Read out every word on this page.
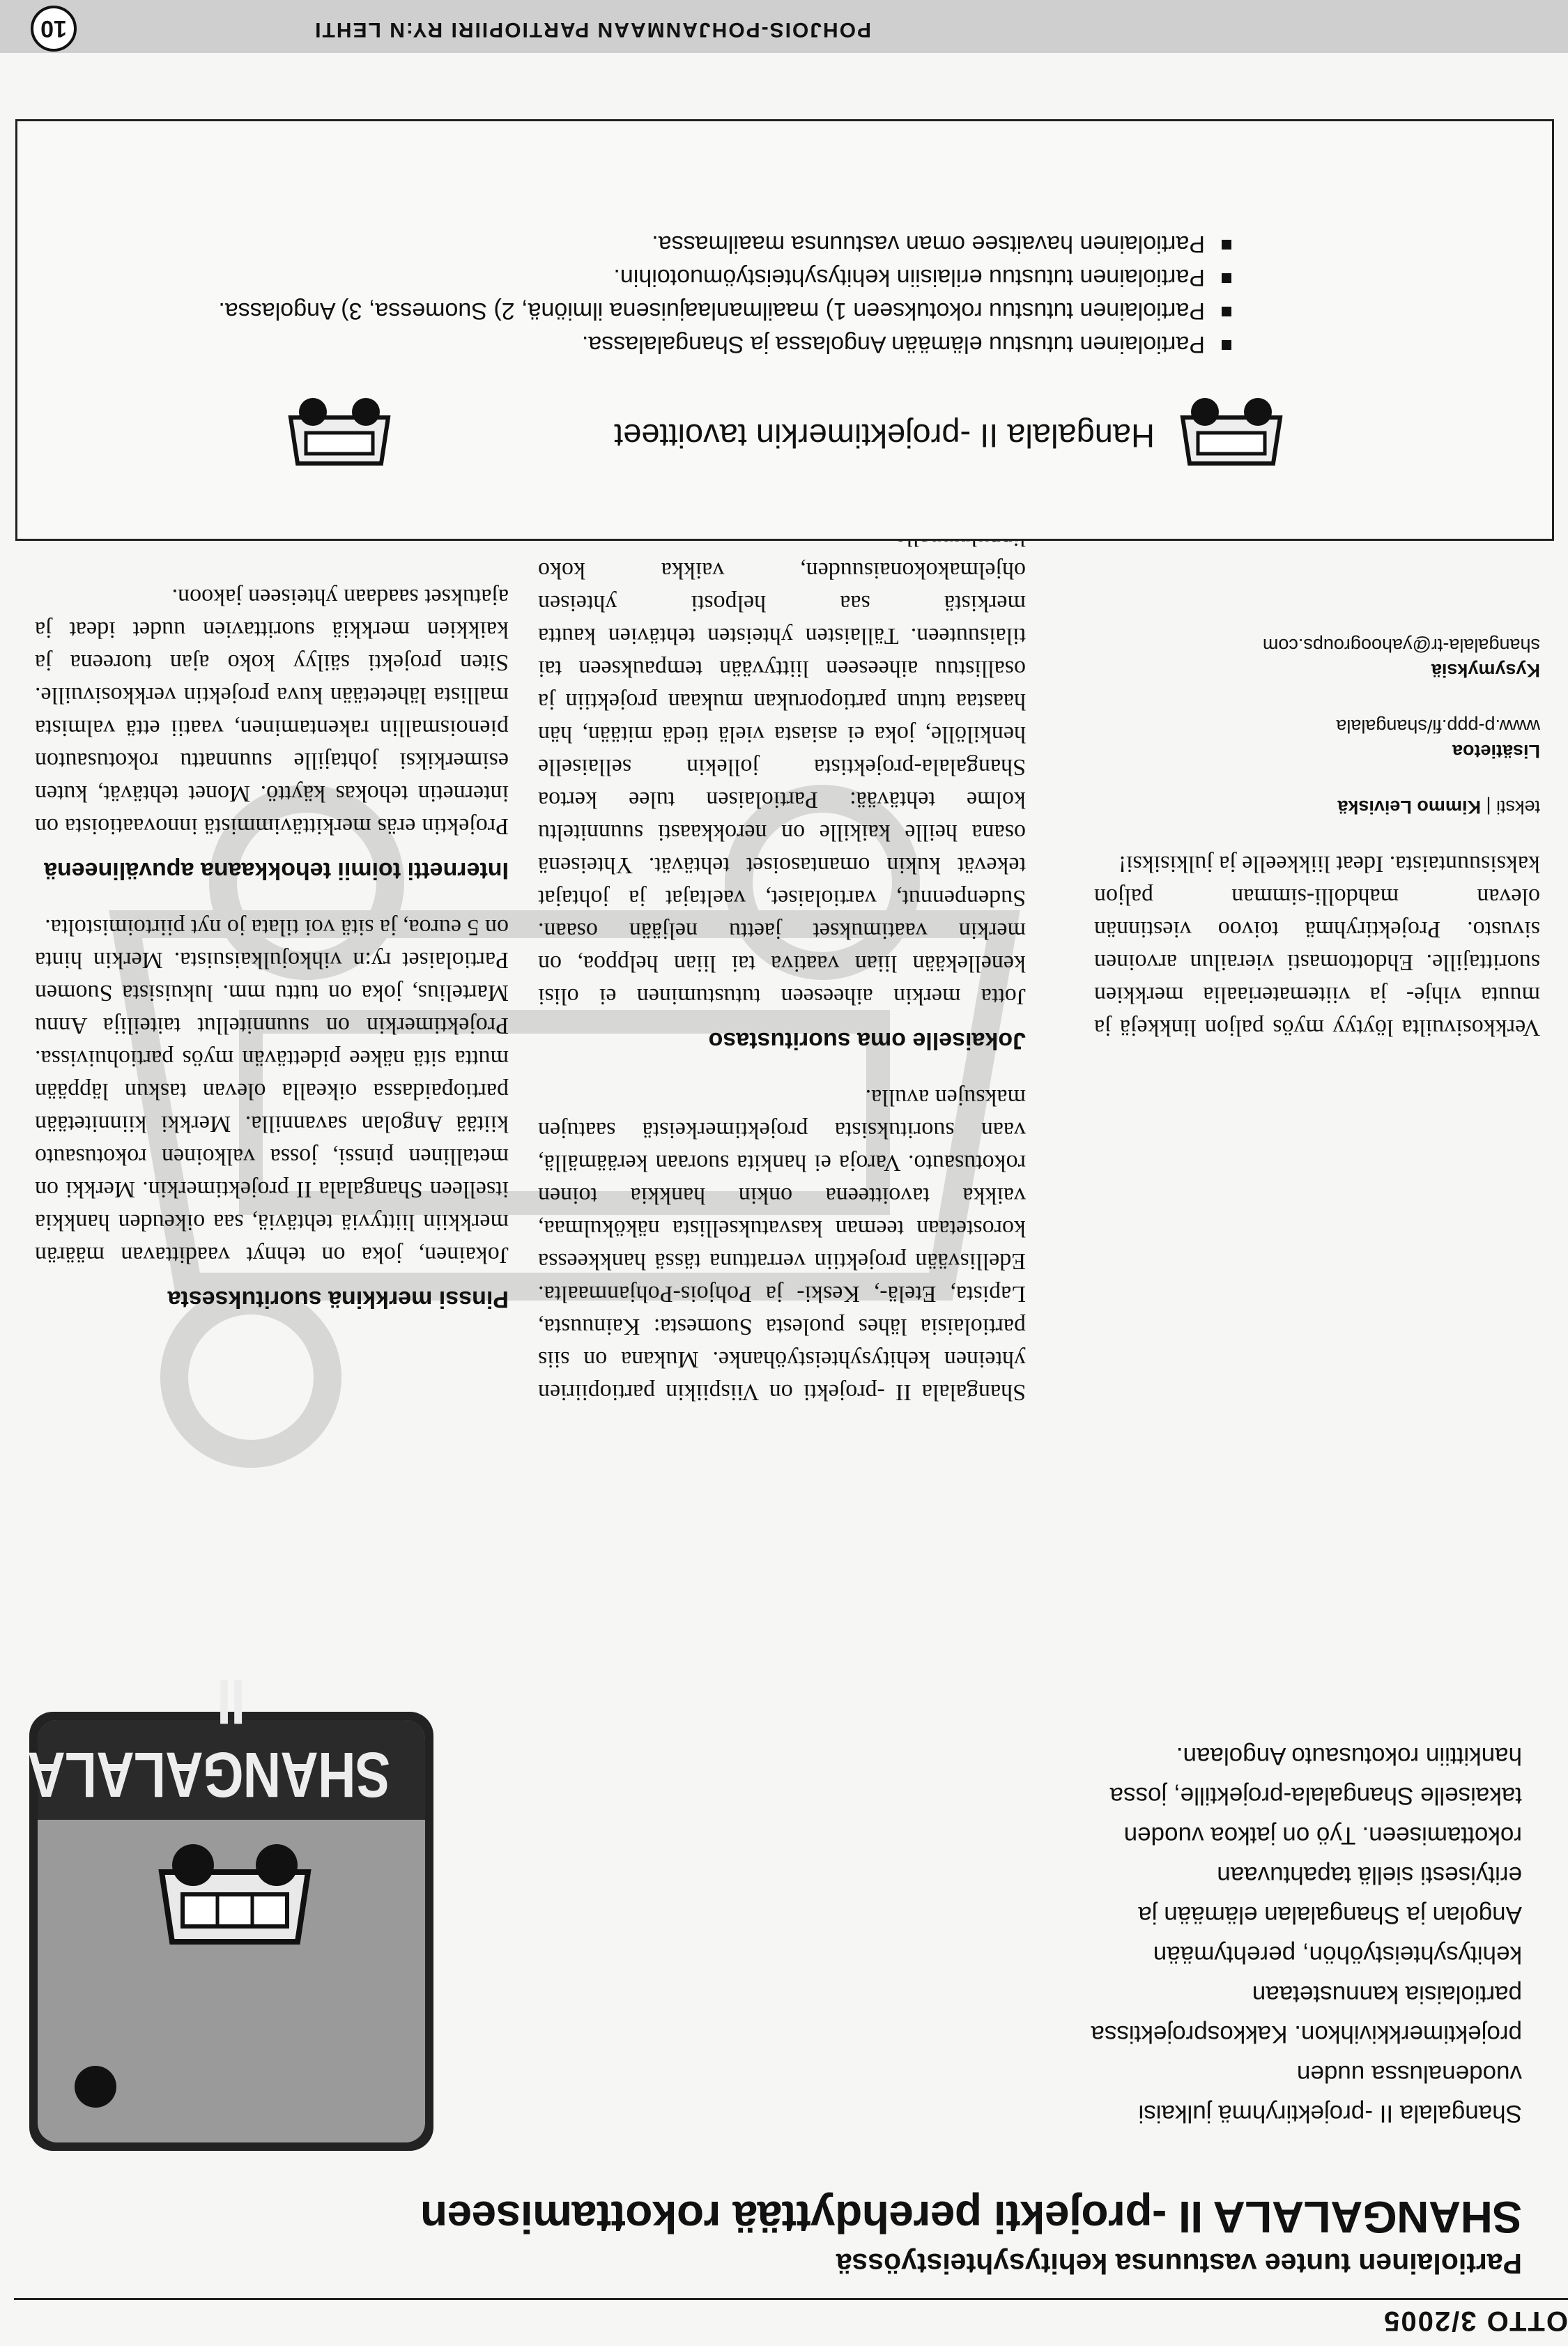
OTTO 3/2005
Partiolainen tuntee vastuunsa kehitysyhteistyössä
SHANGALALA II -projekti perehdyttää rokottamiseen
SHANGALALA II
Shangalala II -projektiryhmä julkaisi
vuodenalussa uuden
projektimerkkivihkon. Kakkosprojektissa
partiolaisia kannustetaan
kehitysyhteistyöhön, perehtymään
Angolan ja Shangalalan elämään ja
erityisesti siellä tapahtuvaan
rokottamiseen. Työ on jatkoa vuoden
takaiselle Shangalala-projektille, jossa
hankittiin rokotusauto Angolaan.

Shangalala II -projekti on Viispiikin partiopiirien yhteinen kehitysyhteistyöhanke. Mukana on siis partiolaisia lähes puolesta Suomesta: Kainuusta, Lapista, Etelä-, Keski- ja Pohjois-Pohjanmaalta. Edellisvään projektiin verrattuna tässä hankkeessa korostetaan teeman kasvatuksellista näkökulmaa, vaikka tavoitteena onkin hankkia toinen rokotusauto. Varoja ei hankita suoraan keräämällä, vaan suorituksista projektimerkeistä saatujen maksujen avulla.

Jokaiselle oma suoritustaso

Jotta merkin aiheeseen tutustuminen ei olisi kenellekään liian vaativa tai liian helppoa, on merkin vaatimukset jaettu neljään osaan. Sudenpennut, vartiolaiset, vaeltajat ja johtajat tekevät kukin omantasoiset tehtävät. Yhteisenä osana heille kaikille on nerokkaasti suunniteltu kolme tehtävää: Partiolaisen tulee kertoa Shangalala-projektista jollekin sellaiselle henkilölle, joka ei asiasta vielä tiedä mitään, hän haastaa tutun partioporukan mukaan projektiin ja osallistuu aiheeseen liittyvään tempaukseen tai tilaisuuteen. Tällaisten yhteisten tehtävien kautta merkistä saa helposti yhteisen ohjelmakokonaisuuden, vaikka koko

Pinssi merkkinä suorituksesta

Jokainen, joka on tehnyt vaadittavan määrän merkkiin liittyviä tehtäviä, saa oikeuden hankkia itselleen Shangalala II projektimerkin. Merkki on metallinen pinssi, jossa valkoinen rokotusauto kiitää Angolan savannilla. Merkki kiinnitetään partiopaidassa oikealla olevan taskun läppään mutta sitä näkee pidettävän myös partiohuivissa. Projektimerkin on suunnitellut taiteilija Annu Martelius, joka on tuttu mm. lukuisista Suomen Partiolaiset ry:n vihkojulkaisuista. Merkin hinta on 5 euroa, ja sitä voi tilata jo nyt piirtoimistolta.

Internetti toimii tehokkaana apuvälineenä

Projektin eräs merkittävimmistä innovaatioista on internetin tehokas käyttö. Monet tehtävät, kuten esimerkiksi johtajille suunnattu rokotusauton pienoismallin rakentaminen, vaatii että valmista mallista lähetetään kuva projektin verkkosivuille. Siten projekti säilyy koko ajan tuoreena ja kaikkien merkkiä suorittavien uudet ideat ja ajatukset saadaan yhteiseen jakoon.

Hangalala II -projektimerkin tavoitteet
Partiolainen tutustuu elämään Angolassa ja Shangalalassa.
Partiolainen tutustuu rokotukseen 1) maailmanlaajuisena ilmiönä, 2) Suomessa, 3) Angolassa.
Partiolainen tutustuu erilaisiin kehitysyhteistyömuotoihin.
Partiolainen havaitsee oman vastuunsa maailmassa.
POHJOIS-POHJANMAAN PARTIOPIIRI RY:N LEHTI
10

Verkkosivuilta löytyy myös paljon linkkejä ja muuta vihje- ja viitemateriaalia merkkien suorittajille. Ehdottomasti vierailun arvoinen sivusto. Projektiryhmä toivoo viestinnän olevan mahdolli-simman paljon kaksisuuntaista. Ideat liikkeelle ja julkisiksi!

teksti | Kimmo Leiviskä

Lisätietoa

www.p-ppp.fi/shangalala

Kysymyksiä

shangalala-tr@yahoogroups.com
